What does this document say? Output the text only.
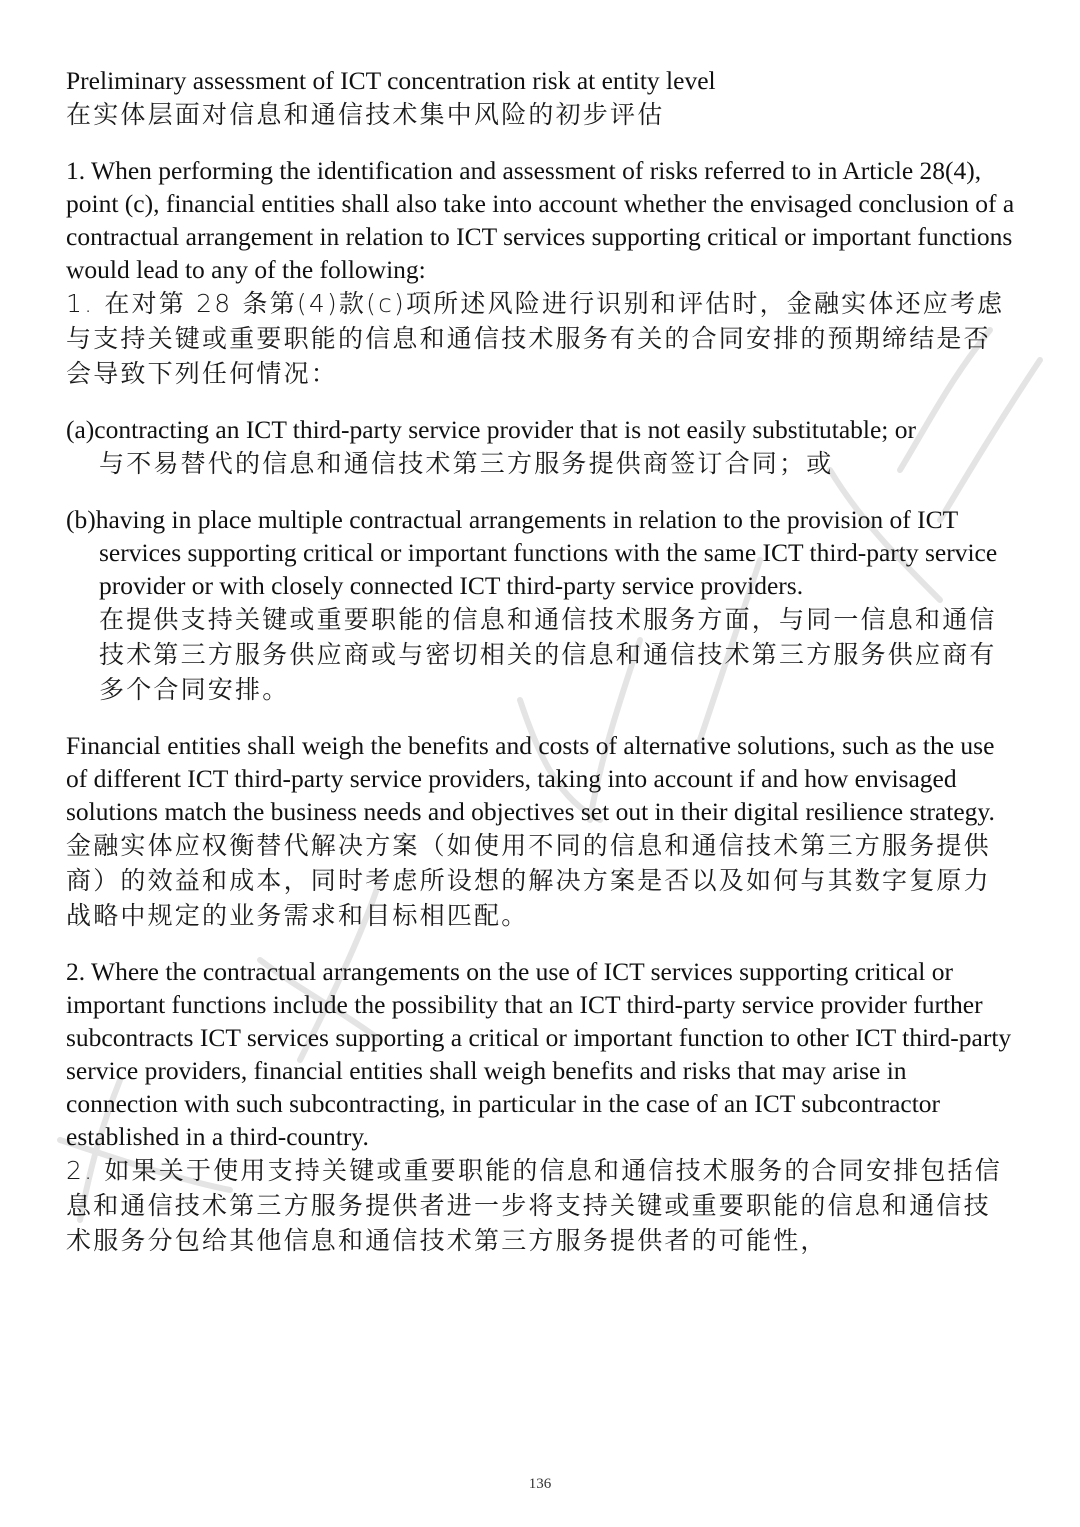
Preliminary assessment of ICT concentration risk at entity level

在实体层面对信息和通信技术集中风险的初步评估

1. When performing the identification and assessment of risks referred to in Article 28(4), point (c), financial entities shall also take into account whether the envisaged conclusion of a contractual arrangement in relation to ICT services supporting critical or important functions would lead to any of the following:

1. 在对第 28 条第(4)款(c)项所述风险进行识别和评估时，金融实体还应考虑与支持关键或重要职能的信息和通信技术服务有关的合同安排的预期缔结是否会导致下列任何情况：

(a)contracting an ICT third-party service provider that is not easily substitutable; or

与不易替代的信息和通信技术第三方服务提供商签订合同；或

(b)having in place multiple contractual arrangements in relation to the provision of ICT services supporting critical or important functions with the same ICT third-party service provider or with closely connected ICT third-party service providers.

在提供支持关键或重要职能的信息和通信技术服务方面，与同一信息和通信技术第三方服务供应商或与密切相关的信息和通信技术第三方服务供应商有多个合同安排。

Financial entities shall weigh the benefits and costs of alternative solutions, such as the use of different ICT third-party service providers, taking into account if and how envisaged solutions match the business needs and objectives set out in their digital resilience strategy.

金融实体应权衡替代解决方案（如使用不同的信息和通信技术第三方服务提供商）的效益和成本，同时考虑所设想的解决方案是否以及如何与其数字复原力战略中规定的业务需求和目标相匹配。

2. Where the contractual arrangements on the use of ICT services supporting critical or important functions include the possibility that an ICT third-party service provider further subcontracts ICT services supporting a critical or important function to other ICT third-party service providers, financial entities shall weigh benefits and risks that may arise in connection with such subcontracting, in particular in the case of an ICT subcontractor established in a third-country.

2. 如果关于使用支持关键或重要职能的信息和通信技术服务的合同安排包括信息和通信技术第三方服务提供者进一步将支持关键或重要职能的信息和通信技术服务分包给其他信息和通信技术第三方服务提供者的可能性，

136
